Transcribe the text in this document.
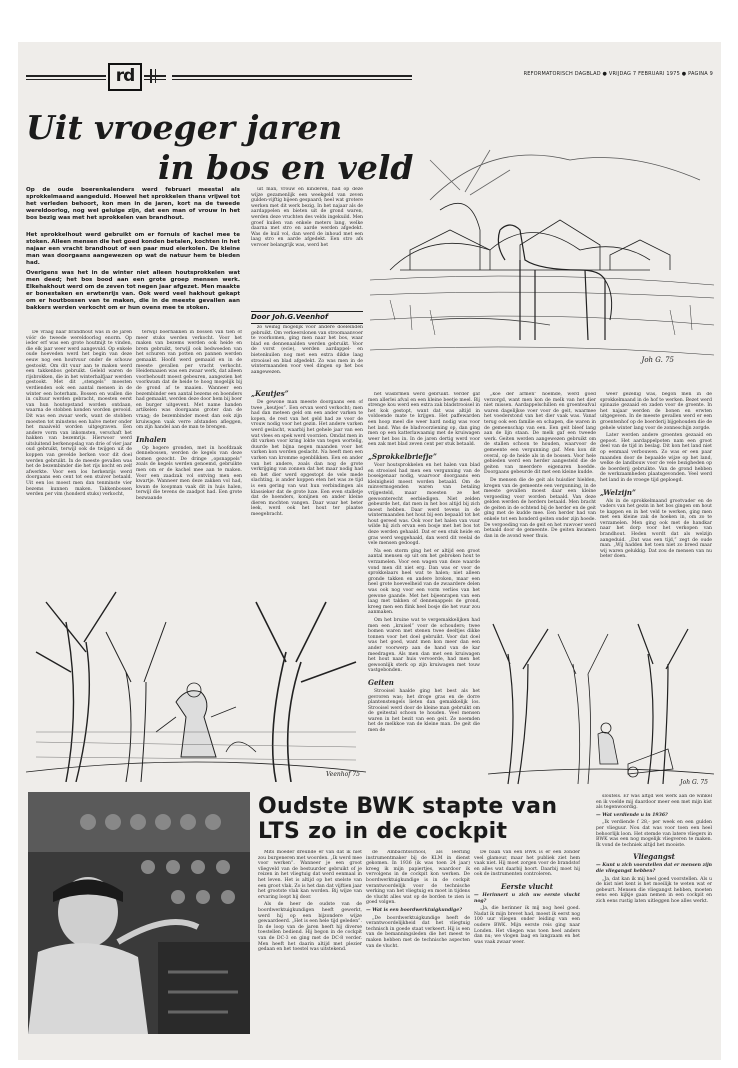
rd	REFORMATORISCH DAGBLAD ● VRIJDAG 7 FEBRUARI 1975 ● PAGINA 9
Uit vroeger jaren
in bos en veld

Op de oude boerenkalenders werd februari meestal als sprokkelmaand aangeduid. Hoewel het sprokkelen thans vrijwel tot het verleden behoort, kon men in de jaren, kort na de tweede wereldoorlog, nog wel geluige zijn, dat een man of vrouw in het bos bezig was met het sprokkelen van brandhout.

Het sprokkelhout werd gebruikt om er fornuis of kachel mee te stoken. Alleen mensen die het goed konden betalen, kochten in het najaar een vracht brandhout of een paar mud eierkolen. De kleine man was doorgaans aangewezen op wat de natuur hem te bieden had.

Overigens was het in de winter niet alleen houtsprokkelen wat men deed; het bos bood aan een grote groep mensen werk. Elkehakhout werd om de zeven tot negen jaar afgezet. Men maakte er bonestaken en erwtenrijs van. Ook werd veel hakhout gekapt om er houtbossen van te maken, die in de meeste gevallen aan bakkers werden verkocht om er hun ovens mee te stoken.

De vraag naar brandhout was in de jaren vóór de tweede wereldoorlog enorm. Op ieder erf was een grote houtmijt te vinden, die elk jaar weer werd aangevuld. Op enkele oude hoeveden werd het begin van deze eeuw nog een houtvuur onder de schouw gestookt. Om dit vuur aan te maken werd een takkenbos gebruikt. Geleld waren de rijsbrokken, die in het winterhalfjaar werden gestookt. Met dit „stengels” moesten verdienden ook een aantal mensen in de winter een boterham. Bossen en wallen die in cultuur werden gebracht, moesten eerst van hun houtopstand worden ontdaan, waarna de stobben konden worden gerooid. Dit was een zwaar werk, want de stobben moesten tot minstens een halve meter onder het maaiveld worden uitgegraven. Een andere vorm van inkomsten, verschaft het hakken van bezemrijs. Hierwoor werd uitsluitend berkenopslag van drie of vier jaar oud gebruikt, terwijl ook de twijgen uit de koppen van gevelde berken voor dit doel werden gebruikt. In de meeste gevallen was het de bezembinder die het rijs kocht en zelf afwerkte. Voor een los herkenrijs werd doorgaans een cent tot een stuiver betaald. Uit een los moest men dan tenminste vier bezems kunnen maken. Takkenbossen werden per vim (honderd stuks) verkocht,

terwijl boerhakken in bossen van tien of meer stuks werden verkocht. Voor het maken van bezems werden ook heide en brem gebruikt, terwijl ook bedwoeden van het schuren van potten en pannen werden gemaakt. Hoofd werd gemaaid en in de meeste gevallen per vracht verkocht. Heidemaaien was een zwaar werk, dat alleen voorbehoudt moest gebeuren, aangezien het voorkwam dat de heide te hoog mogelijk bij de grond af te maaien. Wanneer een bezembinder een aantal bezems en boenders had gemaakt, werden deze door hem bij boer en burger uitgevent. Met name handen artikelen was doorgaans groter dan de vraag; de bezembinder moest dan ook zijn kruiwagen vaak verre afstanden afleggen, om zijn handel aan de man te brengen.

Inhalen

Op hogere gronden, met in hoofdzaak dennebossen, werden de kegels van deze bomen gezocht. De dringe „opsnappels” zoals de kegels werden genoemd, gebruikte men om er de kachel mee aan te maken. Voor een zaadzak vol ontving men een kwartje. Wanneer men deze zakken vol had, kwam de koopman vaak dit in huis halen, terwijl die tevens de zaadpot had. Een grote bezwaande

uit man, vrouw en kinderen, had op deze wijze gezamenlijk een weekgeld van zeven gulden-vijftig bijeen gespaard; heel wat grotere werken met dit werk bezig. In het najaar als de aardappelen en bieten uit de grond waren, werden deze vruchten des velds ingekuild. Men groef kuilen van enkele meters lang, welke daarna met stro en aarde werden afgedekt. Was de kuil vol, dan werd de inhoud met een laag stro en aarde afgedekt. Een stro afs vervoer belangrijk was, werd het

Door Joh.G.Veenhof

zo weinig mogelijk voor andere doeleinden gebruikt. Om verkeerslonen van stroomaanvoer te voorkomen, ging men naar het bos, waar blad en dennenaalden werden gebruikt. Voor de vorst (ecie), werden aardappel- en bietenkuilen nog met een extra dikke laag strooisel en blad afgedekt. Zo was men in de wintermaanden voor veel dingen op het bos aangewezen.

„Keutjes”

De gewone man meeste doorgaans een of twee „keutjes”. Een ervan werd verkocht; men had dan meteen geld om een ander varken te kopen, de rest van het geld had ze voor de vrouw nodig voor het gezin. Het andere varken werd geslacht, waarbij het gehele jaar van een wat vlees en spek werd voorzien. Omdat men in dit varken voor kring lokte van tegen wortelig, duurde het bijna negen maanden voor het varken kon worden geslacht. Na heeft men een varken van kromme ogenblikken. Een en ander van het andere, zoals dan nog de grote verkrijging van zonnen dat het maar nodig had en het dier werd opgestopt de vele mede slachting, is ander koppen eten het was ze tijd is een gering van wat hun verbindingen als klassieker dat de grote luxe. Een even stalletje dat de hoenders, konijnen en ander kleine dieren mochten vangen. Daar waar het beter leek, werd ook het hout ter plaatse meegebracht.

het wasbrmen werd gebruikt. Verder gaf men allerlei afval en een kleine beetje meel. Bij strenge kou werd een extra zak bladstrooisel in het kok gestopt, want dat was altijd in voldoende mate te krijgen. Het paffewarden een hoop meel die weer hard nodig was voor het land. Was de bladvoorziening op, dan ging men op een katterlawaamig met de kruiwagen weer het bos in. In de jaren dertig werd voor een zak met blad zeven cent per stuk betaald.

„Sprokkelbriefje”

Voor houtsprokkelen en het halen van blad en strooisel had men een vergunning van de boseigenaar nodig, waarvoor doorgaans een kleinigheid moest worden betaald. Om de minvermogenden waren van betaling vrijgesteld, maar moesten ze het gewoonterecht eerbiedigen. Niet zelden gebeurde het, dat men in het bos altijd bij zich moest hebben. Daar werd tevens in de wintermaanden het hout bij een bepaald tot het hout gereed was. Ook voor het halen van vuur wilde hij zich ervan een bosje met het bos tot deze werden gehaald. Dat er een stuk heide en gras werd weggehaald, dan werd dit veelal de vele mensen gedoogd.

Na een storm ging het er altijd een groot aantal mensen op uit om het gebroken hout te verzamelen. Voor een wagen van deze waarde vond men dit niet erg. Dan was er voor de sprokkelaars heel wat te halen; niet alleen gronde takken en andere broken, maar een heel grote hoeveelheid van de zwaardere delen was ook nog voor een vorm verlies van het gewone gaande. Met het bijeenrapen van een laag met takken of dennenappels de grond, kreeg men een flink heel bosje die het vuur zou aanmaken.

Om het bruine wat te vergemakkelijken had men een „kruisel” voor de schouders; twee bomen waren met stenen twee deeltjes dikke tonnen voor het doel gebruikt. Voor dat doel was het goed, want men kon meer dan een ander voorwerp aan de hand van de kar meedragen. Als men dan met een kruiwagen het hout naar huis vervoerde, had men het gewoonlijk sterk op zijn kruiwagen met touw vastgebonden.

Geiten

Strooisel haalde ging het best als het gevroren was; het droge gras en de dorre plantenstengels lieten dan gemakkelijk los. Strooisel werd door de kleine man gebruikt om de geitestal schoon te houden. Veel mensen waren in het bezit van een geit. Ze noemden het de melkkoe van de kleine man. De geit die men de

„koe der armen” noemde, werd goed verzorgd, want men kon de melk van het dier niet missen. Aardappelschillen en groenteafval waren dagelijkse voer voor de geit, waarmee het voederstond van het dier vaak was. Vanaf terug ook een familie en schapen, die waren in de gemeenschap van een. Een geit bleef lang aan de lijn staan. De melk gaf een tweede werk. Geiten werden aangewezen gebruikt om de stallen schoon te houden, waarvoor de gemeente een vergunning gaf. Men kon dit overal, op de heide als in de bossen. Voor hele gebieden werd een herder aangesteld die de geiten van meerdere eigenaren hoedde. Doorgaans gebeurde dit met een kleine kudde.

De mensen die de geit als huisdier hielden, kregen van de gemeente een vergunning, in de meeste gevallen moest daar een kleine vergoeding voor worden betaald. Van deze gelden werden de herders betaald. Men bracht de geiten in de ochtend bij de herder en de geit ging met de kudde mee. Een herder had van enkele tot een honderd geiten onder zijn hoede. De vergoeding van de geit en het ruwvoer werd betaald door de gemeente. De geiten kwamen dan in de avond weer thuis.

weer gezellig was, begon men in de sprokkelmaand in de hof te werken. Bezet werd spinazie gezaaid en zaden voor de groente. In het najaar werden de bonen en erwten uitgegeven. In de meeste gevallen werd er een groentenhof op de boerderij bijgehouden die de gehele winter lang voor de zonneschijn zorgde.

Later werden andere groenten gezaaid en gepoot. Het aardappelpoten nam een groot deel van de tijd in beslag. Dit kon het land niet op eenmaal verbouwen. Zo was er een paar maanden door de bepaalde wijze op het land, welke de landbouw voor de vele bezigheden op de boerderij gebruikte. Van de grond hebben de werkzaamheden plaatsgevonden. Veel werd het land in de vroege tijd geploegd.

„Welzijn”

Als in de sprokkelmaand grootvader en de vaders van het gezin in het bos gingen om hout te kappen en in het veld te werken, ging men met een kleine zak de hoeken in, om zo te verzamelen. Men ging ook met de handkar naar het dorp voor het verkopen van brandhout. Heden wordt dat als welzijn aangeduid. „Dat was een tijd,” zegt de oude man. „Wij hadden het toen niet zo breed maar wij waren gelukkig. Dat zou de mensen van nu beter doen.

Joh G. 75
Veenhof 75
Joh G. 75
Oudste BWK stapte van LTS zo in de cockpit

Mits moeder dreunde er van dat ik niet zou burgeneren met woorden. „Ik werd mee voor werken”. Wanneer je een groot vliegveld van de bestuurder gebruikt of je reizen in het vliegtuig dat werd eenmaal in het leven. Het is altijd op het snelste van een groot vlak. Zo is het dan dat vijftien jaar het grootste vlak kan worden. Bij wijze van ervaring loopt hij door.

Als de heer de oudste van de boordwerktuigkundigen heeft gewerkt, werd hij op een bijzondere wijze gewaardeerd. „Het is een hele tijd geleden”. In de loop van de jaren heeft hij diverse toestellen bediend. Hij begon in de cockpit van de DC-3 en ging met de DC-8 verder. Men heeft het daarin altijd met plezier gedaan en het toestel was uitstekend.

de Ambachtsschool, als leerling instrumentmaker bij de KLM in dienst gekomen. In 1936 (ik was toen 24 jaar) kreeg ik mijn papiertjes, waardoor ik vervolgens in de cockpit kon werken. De boordwerktuigkundige is in de cockpit verantwoordelijk voor de technische werking van het vliegtuig en moet in tijdens de vlucht alles wat op de borden te zien is goed volgen.

— Wat is een boordwerktuigkundige?

„De boordwerktuigkundige heeft de verantwoordelijkheid dat het vliegtuig technisch in goede staat verkeert. Hij is een van de bemanningsleden die het meest te maken hebben met de technische aspecten van de vlucht.

De baan van een BWK is er een zonder veel glamour, maar het publiek ziet hem vaak niet. Hij moet zorgen voor de brandstof en alles wat daarbij hoort. Daarbij moet hij ook de instrumenten controleren.

Eerste vlucht
— Herinnert u zich uw eerste vlucht nog?

„Ja, die herinner ik mij nog heel goed. Nadat ik mijn brevet had, moest ik eerst nog 100 uur vliegen onder leiding van een oudere BWK. Mijn eerste reis ging naar Londen. Het vliegen was toen heel anders dan nu; we vlogen laag en langzaam en het was vaak zwaar weer.

sloutels. Er was altijd wel werk aan de winkel en ik voelde mij daardoor meer een met mijn kist als tegenwoordig.

— Wat verdiende u in 1936?

„Ik verdiende f 28,- per week en een gulden per vlieguur. Nou dat was voor toen een heel behoorlijk loon. Het stemde van latere vliegers in BWK was een nog mogelijk vliegveren te maken. Ik vond de techniek altijd het mooiste.

Vliegangst
— Kunt u zich voorstellen dat er mensen zijn die vliegangst hebben?

„Ja, dat kan ik mij heel goed voorstellen. Als u de kist niet kent is het moeilijk te weten wat er gebeurt. Mensen die vliegangst hebben, moeten eens een kijkje gaan nemen in een cockpit en zich eens rustig laten uitleggen hoe alles werkt.
